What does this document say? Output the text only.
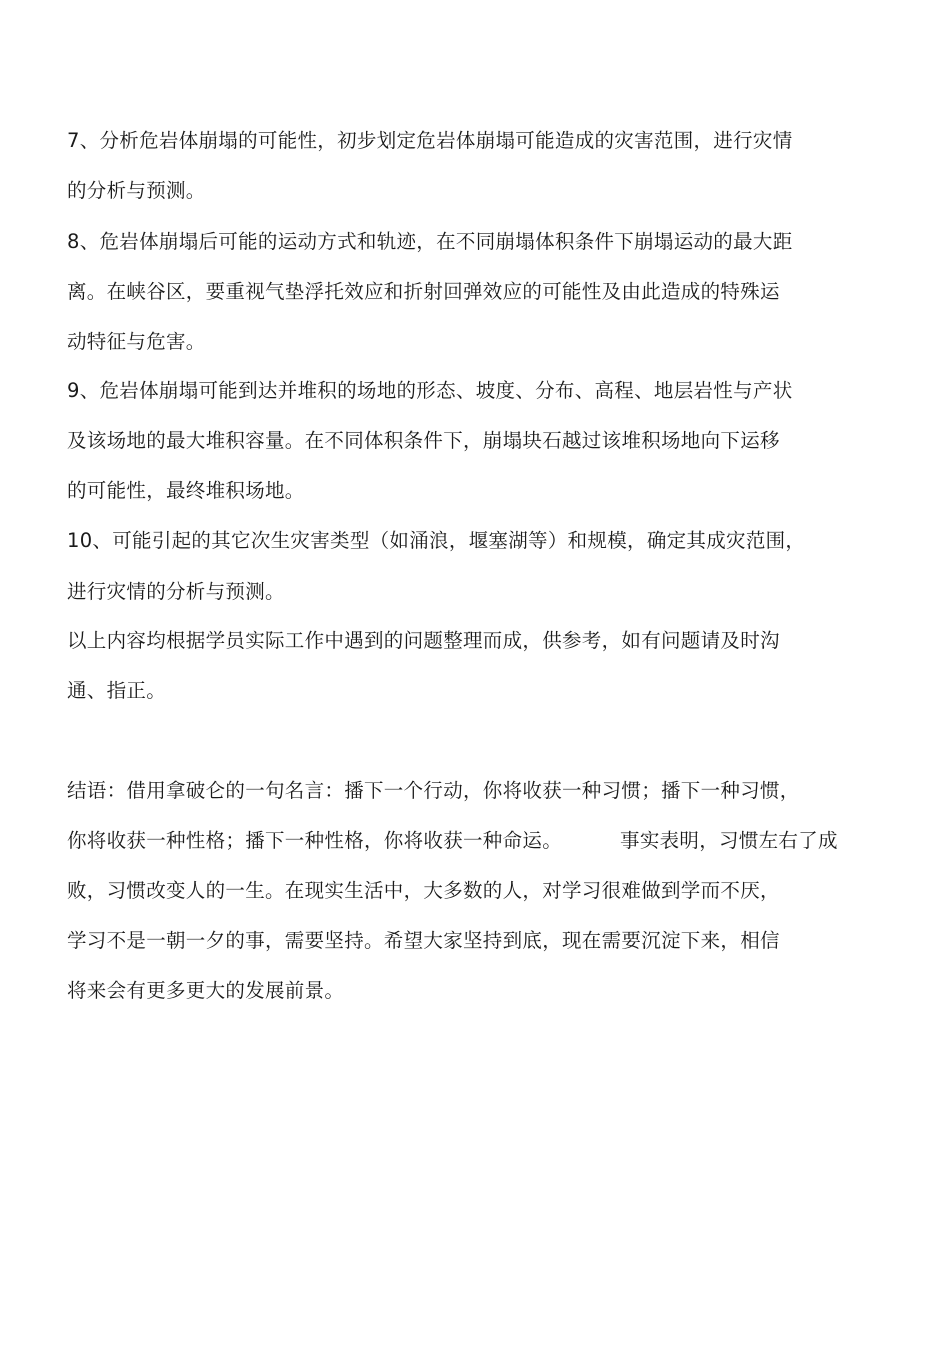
7、分析危岩体崩塌的可能性，初步划定危岩体崩塌可能造成的灾害范围，进行灾情
的分析与预测。
8、危岩体崩塌后可能的运动方式和轨迹，在不同崩塌体积条件下崩塌运动的最大距
离。在峡谷区，要重视气垫浮托效应和折射回弹效应的可能性及由此造成的特殊运
动特征与危害。
9、危岩体崩塌可能到达并堆积的场地的形态、坡度、分布、高程、地层岩性与产状
及该场地的最大堆积容量。在不同体积条件下，崩塌块石越过该堆积场地向下运移
的可能性，最终堆积场地。
10、可能引起的其它次生灾害类型（如涌浪，堰塞湖等）和规模，确定其成灾范围，
进行灾情的分析与预测。
以上内容均根据学员实际工作中遇到的问题整理而成，供参考，如有问题请及时沟
通、指正。
结语：借用拿破仑的一句名言：播下一个行动，你将收获一种习惯；播下一种习惯，
你将收获一种性格；播下一种性格，你将收获一种命运。	事实表明，习惯左右了成
败，习惯改变人的一生。在现实生活中，大多数的人，对学习很难做到学而不厌，
学习不是一朝一夕的事，需要坚持。希望大家坚持到底，现在需要沉淀下来，相信
将来会有更多更大的发展前景。
